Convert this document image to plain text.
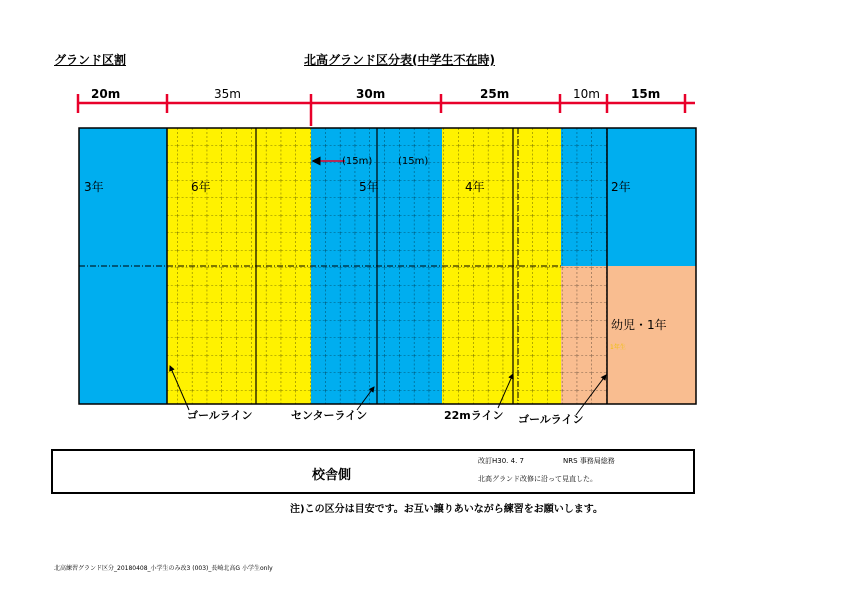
グランド区割	北高グランド区分表(中学生不在時)
20m	35m	30m	25m	10m	15m
3年	6年	5年	4年	2年
幼児・1年
1年生
(15m)	(15m)
ゴールライン	センターライン	22mライン ゴールライン
校舎側
改訂H30. 4. 7	NRS 事務局総務
北高グランド改修に沿って見直した。
注)この区分は目安です。お互い譲りあいながら練習をお願いします。
北高練習グランド区分_20180408_小学生のみ改3 (003)_長崎北高G 小学生only
